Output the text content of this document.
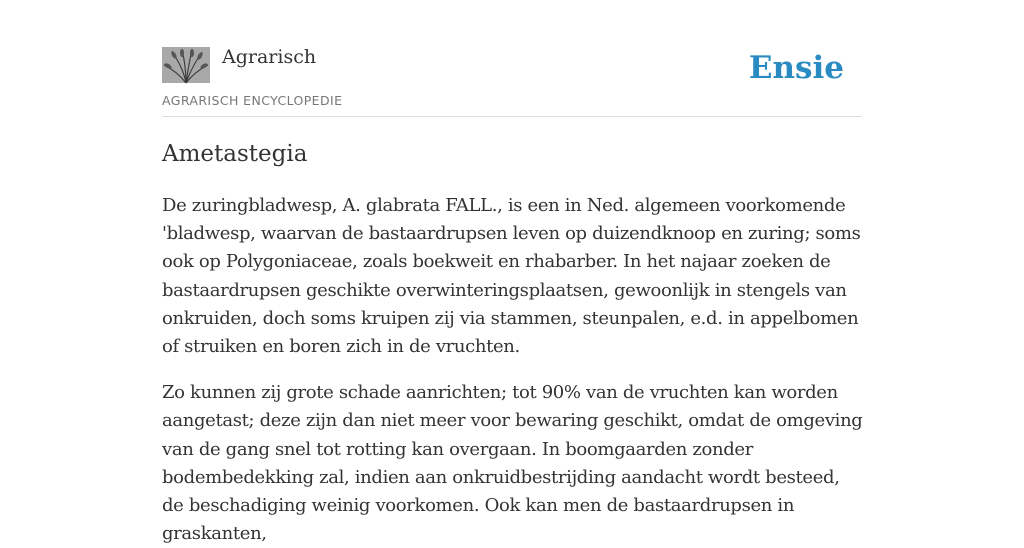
Agrarisch
AGRARISCH ENCYCLOPEDIE
Ensie
Ametastegia

De zuringbladwesp, A. glabrata FALL., is een in Ned. algemeen voorkomende 'bladwesp, waarvan de bastaardrupsen leven op duizendknoop en zuring; soms ook op Polygoniaceae, zoals boekweit en rhabarber. In het najaar zoeken de bastaardrupsen geschikte overwinteringsplaatsen, gewoonlijk in stengels van onkruiden, doch soms kruipen zij via stammen, steunpalen, e.d. in appelbomen of struiken en boren zich in de vruchten.

Zo kunnen zij grote schade aanrichten; tot 90% van de vruchten kan worden aangetast; deze zijn dan niet meer voor bewaring geschikt, omdat de omgeving van de gang snel tot rotting kan overgaan. In boomgaarden zonder bodembedekking zal, indien aan onkruidbestrijding aandacht wordt besteed, de beschadiging weinig voorkomen. Ook kan men de bastaardrupsen in graskanten,
